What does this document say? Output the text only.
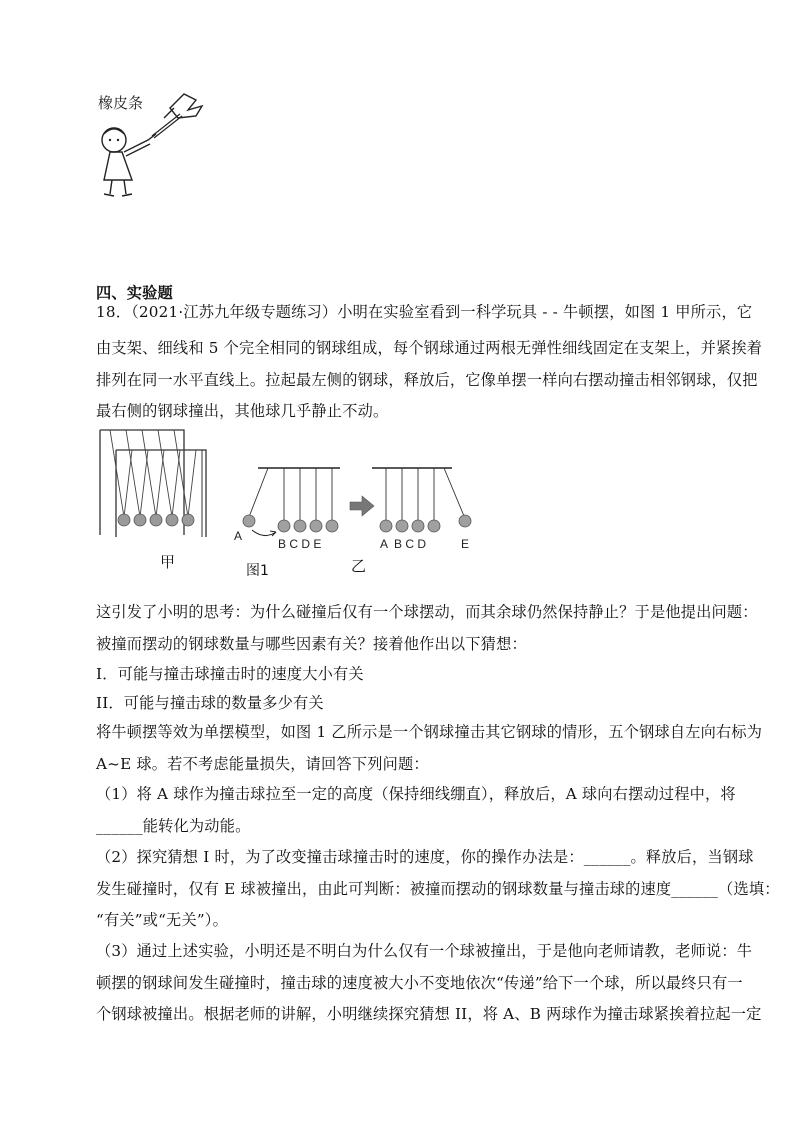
橡皮条
四、实验题
18．（2021·江苏九年级专题练习）小明在实验室看到一科学玩具 - - 牛顿摆，如图 1 甲所示，它
由支架、细线和 5 个完全相同的钢球组成，每个钢球通过两根无弹性细线固定在支架上，并紧挨着
排列在同一水平直线上。拉起最左侧的钢球，释放后，它像单摆一样向右摆动撞击相邻钢球，仅把
最右侧的钢球撞出，其他球几乎静止不动。
A
B C D E	A  B C D	E
甲	图1	乙
这引发了小明的思考：为什么碰撞后仅有一个球摆动，而其余球仍然保持静止？于是他提出问题：
被撞而摆动的钢球数量与哪些因素有关？接着他作出以下猜想：
I．可能与撞击球撞击时的速度大小有关
II．可能与撞击球的数量多少有关
将牛顿摆等效为单摆模型，如图 1 乙所示是一个钢球撞击其它钢球的情形，五个钢球自左向右标为
A~E 球。若不考虑能量损失，请回答下列问题：
（1）将 A 球作为撞击球拉至一定的高度（保持细线绷直），释放后，A 球向右摆动过程中，将
______能转化为动能。
（2）探究猜想 I 时，为了改变撞击球撞击时的速度，你的操作办法是：______。释放后，当钢球
发生碰撞时，仅有 E 球被撞出，由此可判断：被撞而摆动的钢球数量与撞击球的速度______（选填：
“有关”或“无关”）。
（3）通过上述实验，小明还是不明白为什么仅有一个球被撞出，于是他向老师请教，老师说：牛
顿摆的钢球间发生碰撞时，撞击球的速度被大小不变地依次“传递”给下一个球，所以最终只有一
个钢球被撞出。根据老师的讲解，小明继续探究猜想 II，将 A、B 两球作为撞击球紧挨着拉起一定
